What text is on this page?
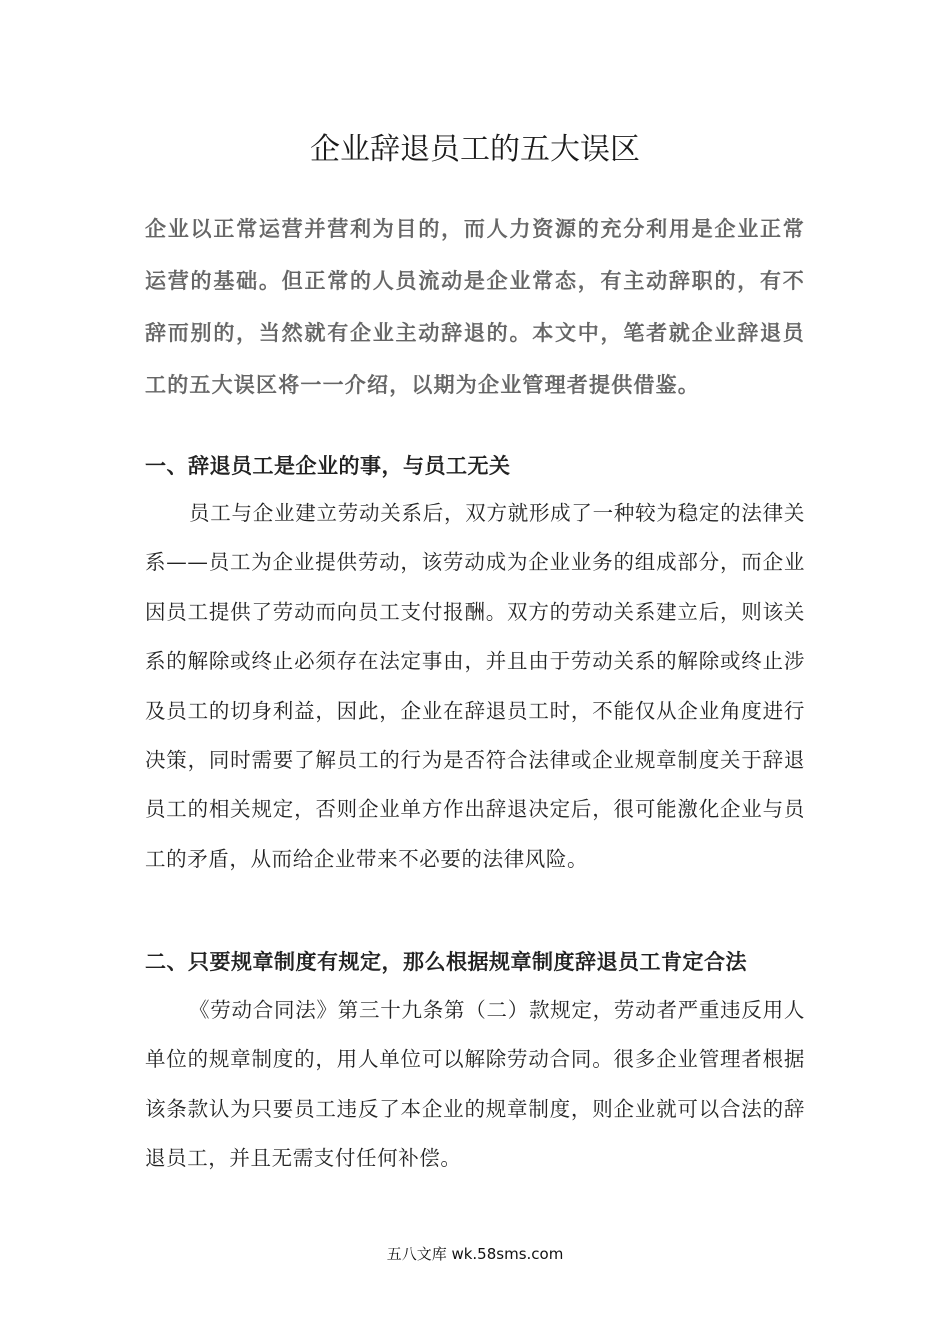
企业辞退员工的五大误区

企业以正常运营并营利为目的，而人力资源的充分利用是企业正常运营的基础。但正常的人员流动是企业常态，有主动辞职的，有不辞而别的，当然就有企业主动辞退的。本文中，笔者就企业辞退员工的五大误区将一一介绍，以期为企业管理者提供借鉴。

一、辞退员工是企业的事，与员工无关

员工与企业建立劳动关系后，双方就形成了一种较为稳定的法律关系——员工为企业提供劳动，该劳动成为企业业务的组成部分，而企业因员工提供了劳动而向员工支付报酬。双方的劳动关系建立后，则该关系的解除或终止必须存在法定事由，并且由于劳动关系的解除或终止涉及员工的切身利益，因此，企业在辞退员工时，不能仅从企业角度进行决策，同时需要了解员工的行为是否符合法律或企业规章制度关于辞退员工的相关规定，否则企业单方作出辞退决定后，很可能激化企业与员工的矛盾，从而给企业带来不必要的法律风险。

二、只要规章制度有规定，那么根据规章制度辞退员工肯定合法

《劳动合同法》第三十九条第（二）款规定，劳动者严重违反用人单位的规章制度的，用人单位可以解除劳动合同。很多企业管理者根据该条款认为只要员工违反了本企业的规章制度，则企业就可以合法的辞退员工，并且无需支付任何补偿。

五八文库 wk.58sms.com
